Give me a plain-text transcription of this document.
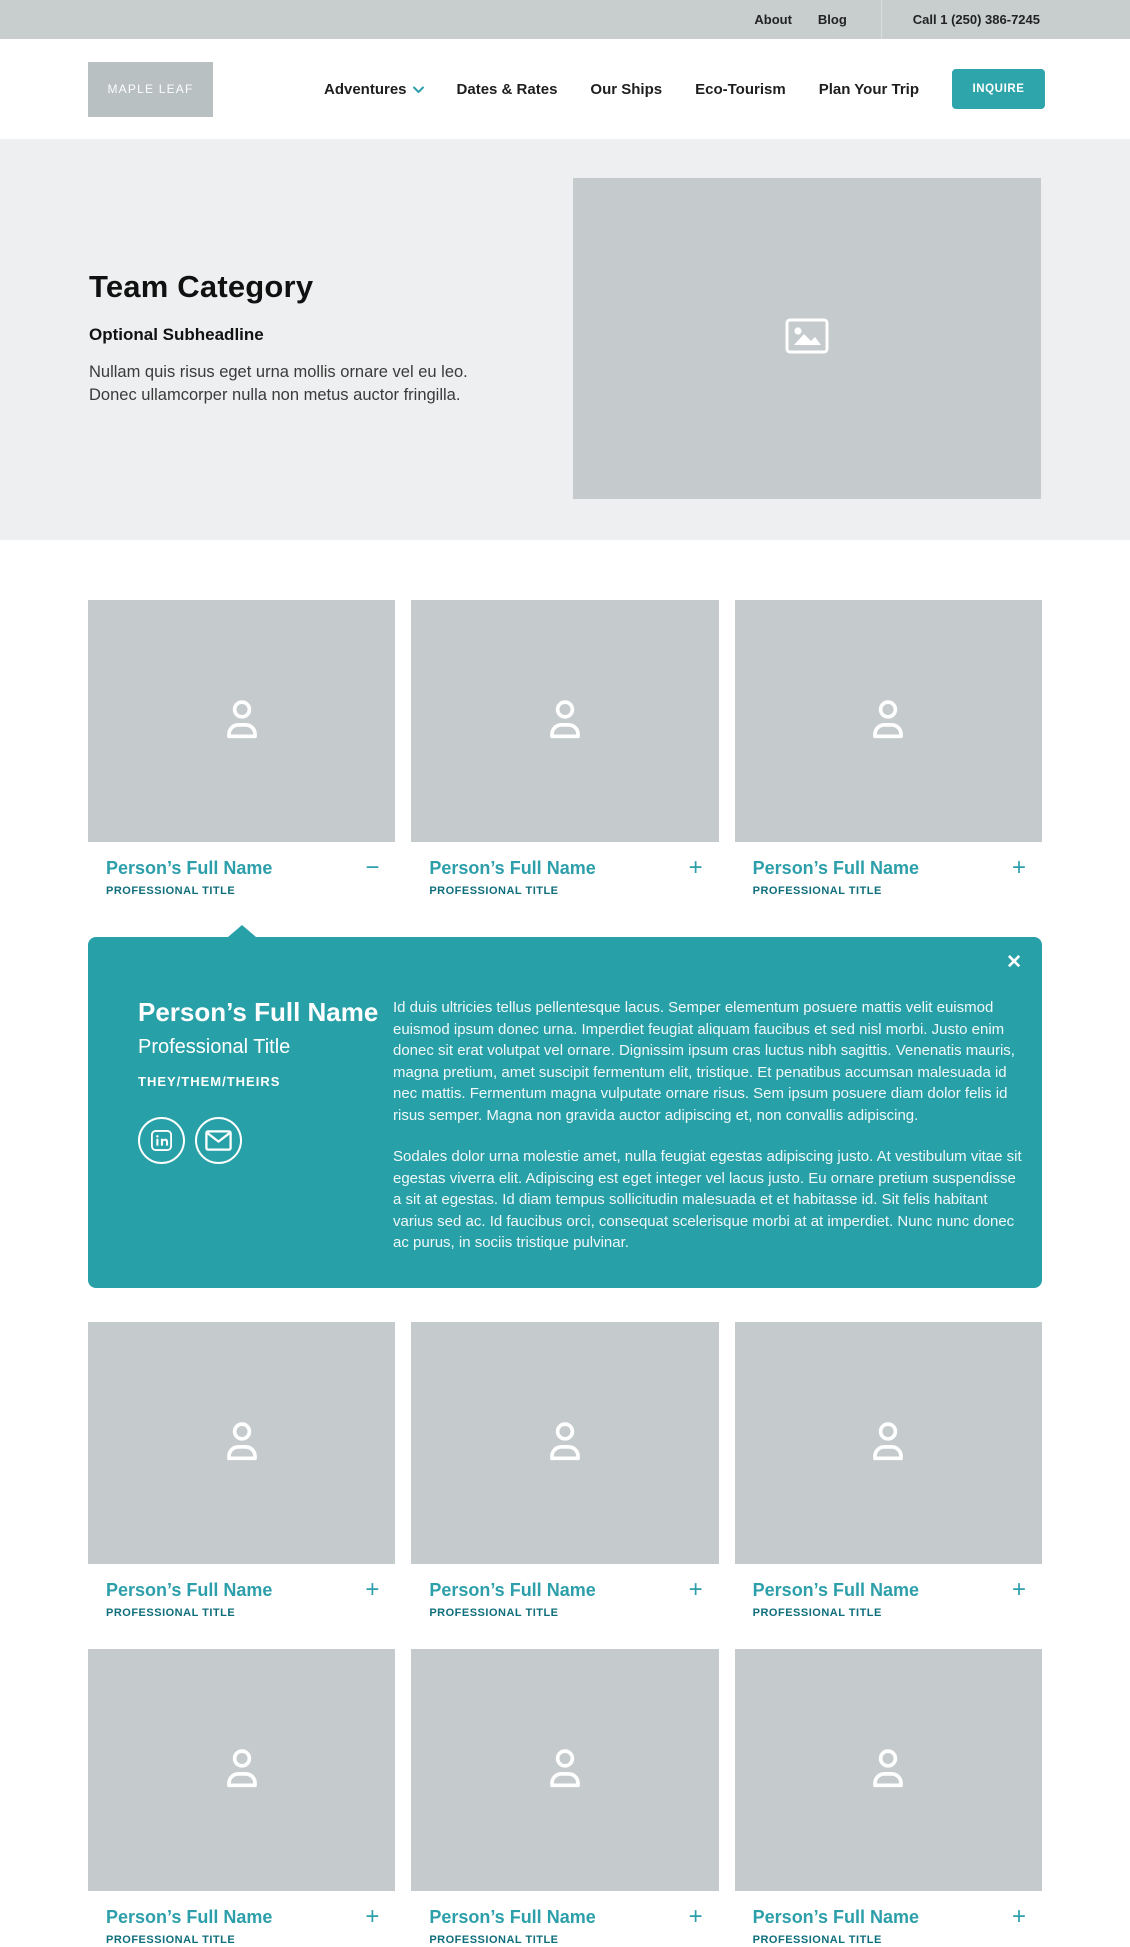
About Blog	Call 1 (250) 386-7245
MAPLE LEAF	Adventures	Dates & Rates Our Ships Eco-Tourism Plan Your Trip	INQUIRE
Team Category
Optional Subheadline
Nullam quis risus eget urna mollis ornare vel eu leo.
Donec ullamcorper nulla non metus auctor fringilla.
Person’s Full Name	−
PROFESSIONAL TITLE
Person’s Full Name	+
PROFESSIONAL TITLE
Person’s Full Name	+
PROFESSIONAL TITLE
✕
Person’s Full Name
Professional Title
THEY/THEM/THEIRS

Id duis ultricies tellus pellentesque lacus. Semper elementum posuere mattis velit euismod euismod ipsum donec urna. Imperdiet feugiat aliquam faucibus et sed nisl morbi. Justo enim donec sit erat volutpat vel ornare. Dignissim ipsum cras luctus nibh sagittis. Venenatis mauris, magna pretium, amet suscipit fermentum elit, tristique. Et penatibus accumsan malesuada id nec mattis. Fermentum magna vulputate ornare risus. Sem ipsum posuere diam dolor felis id risus semper. Magna non gravida auctor adipiscing et, non convallis adipiscing.

Sodales dolor urna molestie amet, nulla feugiat egestas adipiscing justo. At vestibulum vitae sit egestas viverra elit. Adipiscing est eget integer vel lacus justo. Eu ornare pretium suspendisse a sit at egestas. Id diam tempus sollicitudin malesuada et et habitasse id. Sit felis habitant varius sed ac. Id faucibus orci, consequat scelerisque morbi at at imperdiet. Nunc nunc donec ac purus, in sociis tristique pulvinar.

Person’s Full Name	+
PROFESSIONAL TITLE
Person’s Full Name	+
PROFESSIONAL TITLE
Person’s Full Name	+
PROFESSIONAL TITLE
Person’s Full Name	+
PROFESSIONAL TITLE
Person’s Full Name	+
PROFESSIONAL TITLE
Person’s Full Name	+
PROFESSIONAL TITLE
